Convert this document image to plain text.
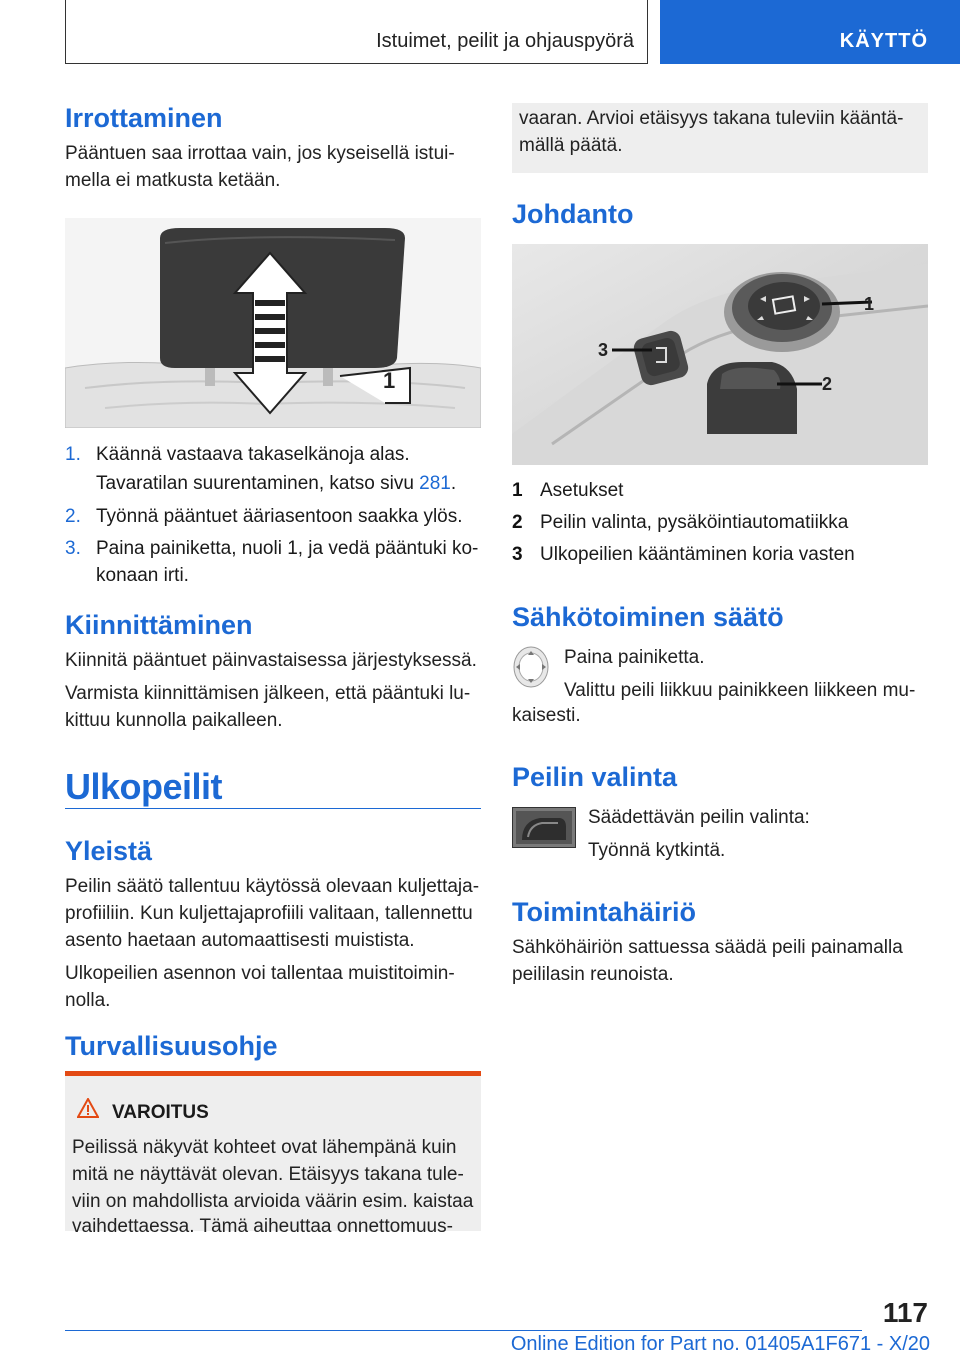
Istuimet, peilit ja ohjauspyörä	KÄYTTÖ
Irrottaminen
Pääntuen saa irrottaa vain, jos kyseisellä istui‐
mella ei matkusta ketään.
1
1. Käännä vastaava takaselkänoja alas.
Tavaratilan suurentaminen, katso sivu 281.
2. Työnnä pääntuet ääriasentoon saakka ylös.
3. Paina painiketta, nuoli 1, ja vedä pääntuki ko‐
konaan irti.
Kiinnittäminen
Kiinnitä pääntuet päinvastaisessa järjestyksessä.
Varmista kiinnittämisen jälkeen, että pääntuki lu‐
kittuu kunnolla paikalleen.
Ulkopeilit
Yleistä
Peilin säätö tallentuu käytössä olevaan kuljettaja‐
profiiliin. Kun kuljettajaprofiili valitaan, tallennettu
asento haetaan automaattisesti muistista.
Ulkopeilien asennon voi tallentaa muistitoimin‐
nolla.
Turvallisuusohje
VAROITUS
Peilissä näkyvät kohteet ovat lähempänä kuin
mitä ne näyttävät olevan. Etäisyys takana tule‐
viin on mahdollista arvioida väärin esim. kaistaa
vaihdettaessa. Tämä aiheuttaa onnettomuus‐
vaaran. Arvioi etäisyys takana tuleviin kääntä‐
mällä päätä.
Johdanto
1
2
3
1 Asetukset
2 Peilin valinta, pysäköintiautomatiikka
3 Ulkopeilien kääntäminen koria vasten
Sähkötoiminen säätö
Paina painiketta.
Valittu peili liikkuu painikkeen liikkeen mu‐
kaisesti.
Peilin valinta
Säädettävän peilin valinta:
Työnnä kytkintä.
Toimintahäiriö
Sähköhäiriön sattuessa säädä peili painamalla
peililasin reunoista.
117
Online Edition for Part no. 01405A1F671 - X/20
